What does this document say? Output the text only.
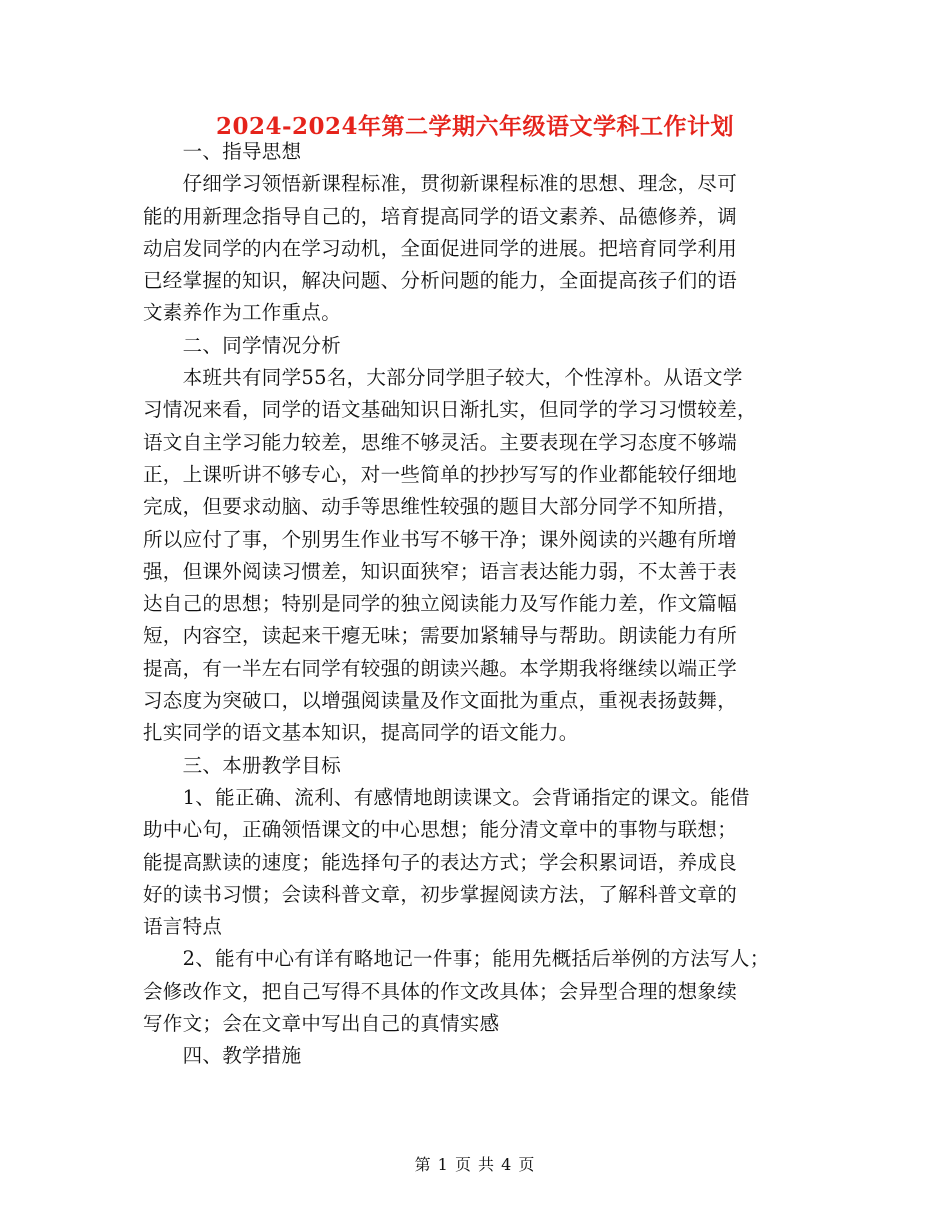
2024-2024年第二学期六年级语文学科工作计划
　　一、指导思想
　　仔细学习领悟新课程标准，贯彻新课程标准的思想、理念，尽可
能的用新理念指导自己的，培育提高同学的语文素养、品德修养，调
动启发同学的内在学习动机，全面促进同学的进展。把培育同学利用
已经掌握的知识，解决问题、分析问题的能力，全面提高孩子们的语
文素养作为工作重点。
　　二、同学情况分析
　　本班共有同学55名，大部分同学胆子较大，个性淳朴。从语文学
习情况来看，同学的语文基础知识日渐扎实，但同学的学习习惯较差，
语文自主学习能力较差，思维不够灵活。主要表现在学习态度不够端
正，上课听讲不够专心，对一些简单的抄抄写写的作业都能较仔细地
完成，但要求动脑、动手等思维性较强的题目大部分同学不知所措，
所以应付了事，个别男生作业书写不够干净；课外阅读的兴趣有所增
强，但课外阅读习惯差，知识面狭窄；语言表达能力弱，不太善于表
达自己的思想；特别是同学的独立阅读能力及写作能力差，作文篇幅
短，内容空，读起来干瘪无味；需要加紧辅导与帮助。朗读能力有所
提高，有一半左右同学有较强的朗读兴趣。本学期我将继续以端正学
习态度为突破口，以增强阅读量及作文面批为重点，重视表扬鼓舞，
扎实同学的语文基本知识，提高同学的语文能力。
　　三、本册教学目标
　　1、能正确、流利、有感情地朗读课文。会背诵指定的课文。能借
助中心句，正确领悟课文的中心思想；能分清文章中的事物与联想；
能提高默读的速度；能选择句子的表达方式；学会积累词语，养成良
好的读书习惯；会读科普文章，初步掌握阅读方法，了解科普文章的
语言特点
　　2、能有中心有详有略地记一件事；能用先概括后举例的方法写人；
会修改作文，把自己写得不具体的作文改具体；会异型合理的想象续
写作文；会在文章中写出自己的真情实感
　　四、教学措施
第 1 页 共 4 页
